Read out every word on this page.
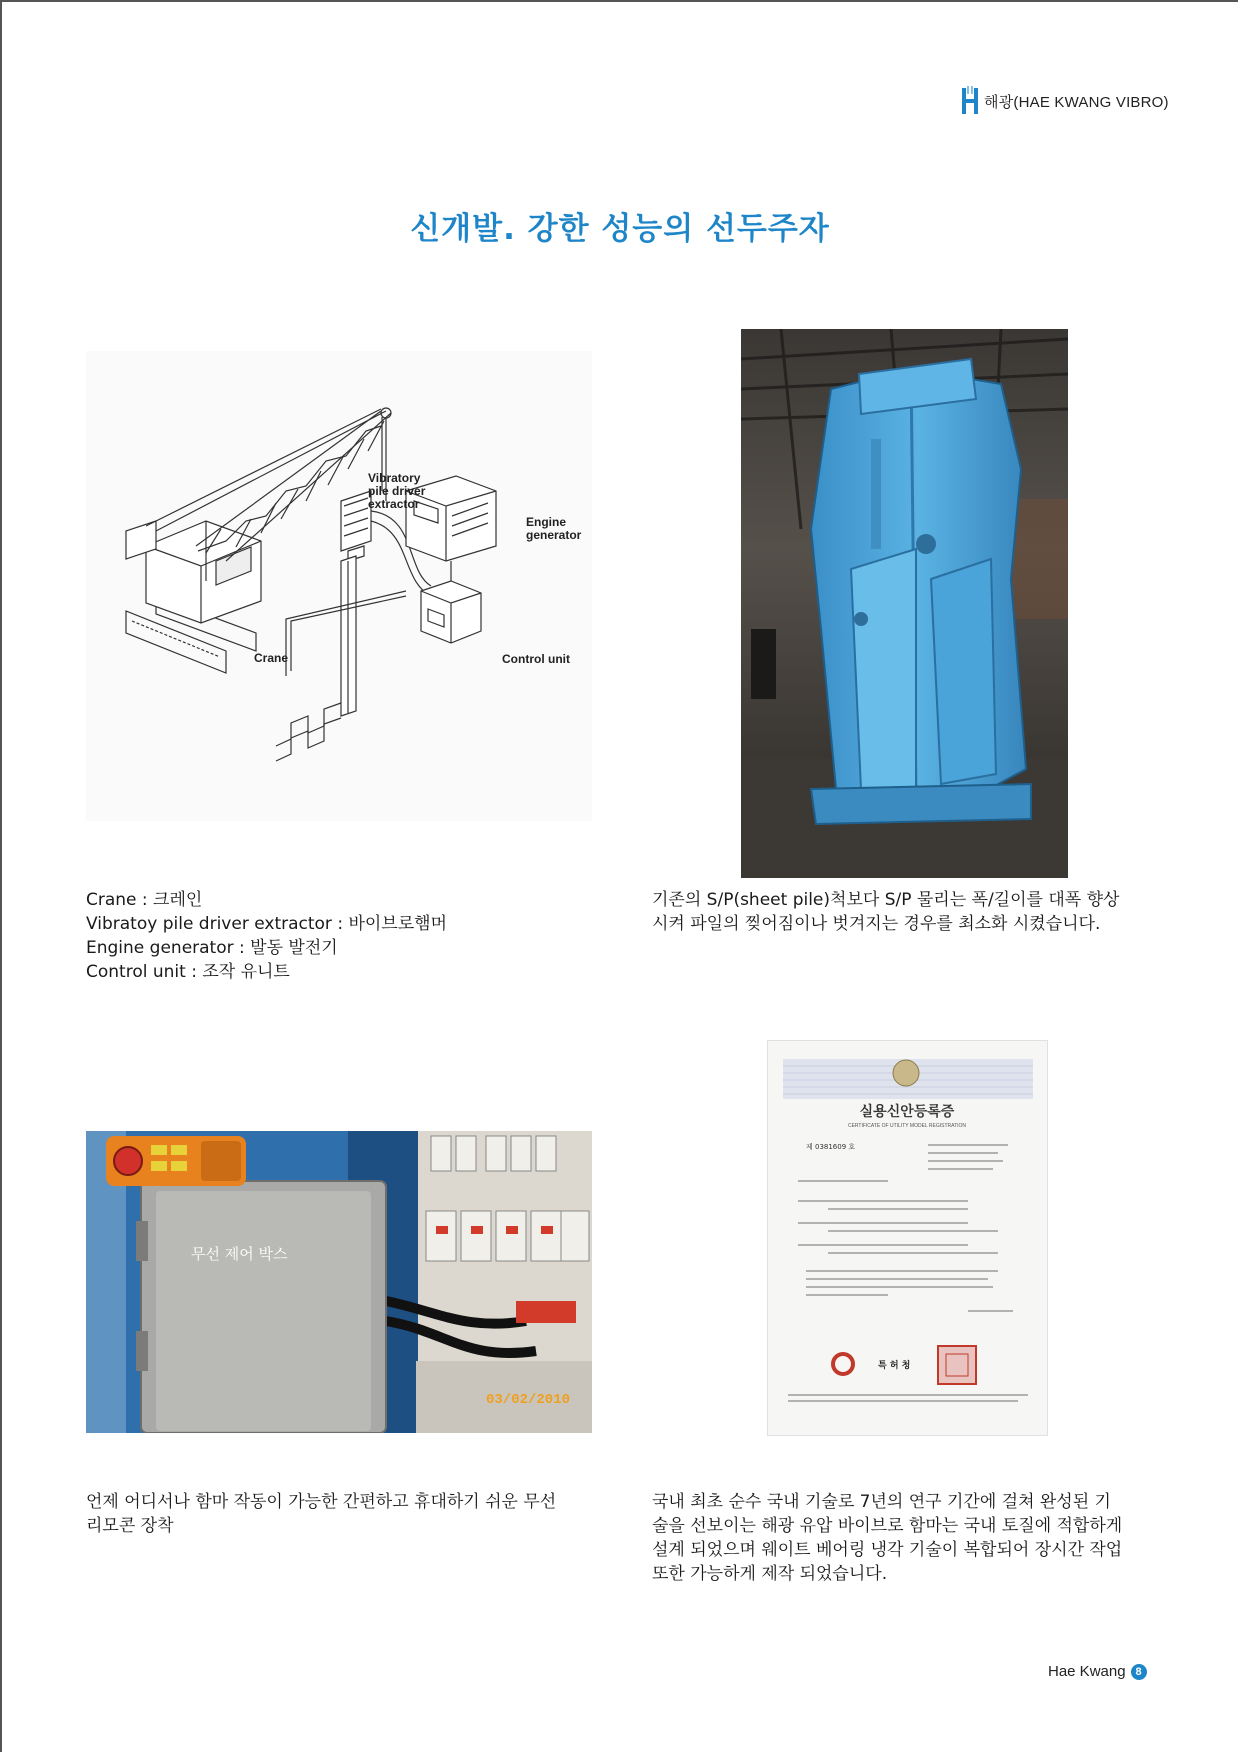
해광(HAE KWANG VIBRO)
신개발. 강한 성능의 선두주자
Vibratory
pile driver
extractor
Engine
generator
Crane	Control unit

Crane : 크레인

Vibratoy pile driver extractor : 바이브로햄머

Engine generator : 발동 발전기

Control unit : 조작 유니트

기존의 S/P(sheet pile)척보다 S/P 물리는 폭/길이를 대폭 향상

시켜 파일의 찢어짐이나 벗겨지는 경우를 최소화 시켰습니다.

무선 제어 박스
03/02/2010
실용신안등록증
CERTIFICATE OF UTILITY MODEL REGISTRATION
제 0381609 호
특 허 청

언제 어디서나 함마 작동이 가능한 간편하고 휴대하기 쉬운 무선

리모콘 장착

국내 최초 순수 국내 기술로 7년의 연구 기간에 걸쳐 완성된 기

술을 선보이는 해광 유압 바이브로 함마는 국내 토질에 적합하게

설계 되었으며 웨이트 베어링 냉각 기술이 복합되어 장시간 작업

또한 가능하게 제작 되었습니다.

Hae Kwang 8
